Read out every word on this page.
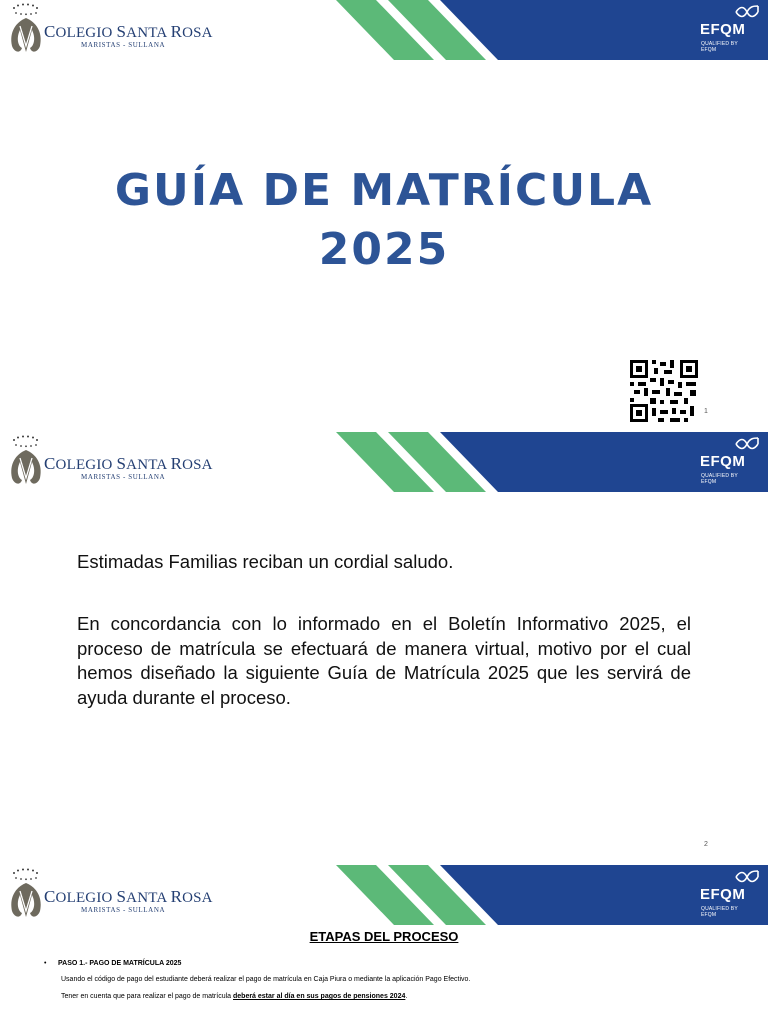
COLEGIO SANTA ROSA
MARISTAS - SULLANA
EFQM
QUALIFIED BY
EFQM
GUÍA DE MATRÍCULA
2025
1
COLEGIO SANTA ROSA
MARISTAS - SULLANA
EFQM
QUALIFIED BY
EFQM
Estimadas Familias reciban un cordial saludo.
En concordancia con lo informado en el Boletín Informativo 2025, el proceso de matrícula se efectuará de manera virtual, motivo por el cual hemos diseñado la siguiente Guía de Matrícula 2025 que les servirá de ayuda durante el proceso.
2
COLEGIO SANTA ROSA
MARISTAS - SULLANA
EFQM
QUALIFIED BY
EFQM
ETAPAS DEL PROCESO
• PASO 1.- PAGO DE MATRÍCULA 2025
Usando el código de pago del estudiante deberá realizar el pago de matrícula en Caja Piura o mediante la aplicación Pago Efectivo.
Tener en cuenta que para realizar el pago de matrícula deberá estar al día en sus pagos de pensiones 2024.
